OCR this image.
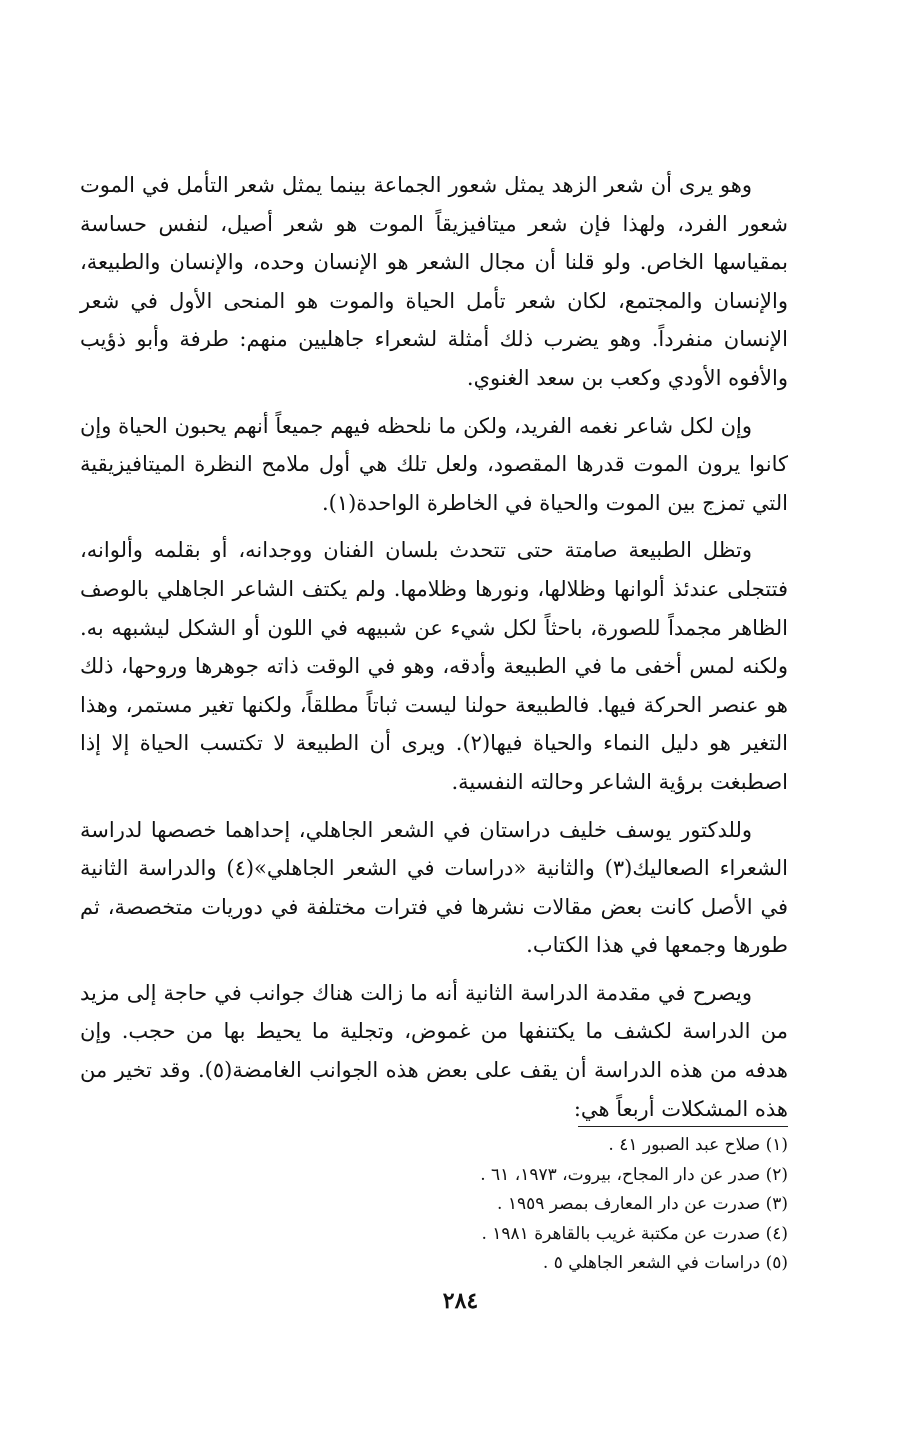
وهو يرى أن شعر الزهد يمثل شعور الجماعة بينما يمثل شعر التأمل في الموت شعور الفرد، ولهذا فإن شعر ميتافيزيقاً الموت هو شعر أصيل، لنفس حساسة بمقياسها الخاص. ولو قلنا أن مجال الشعر هو الإنسان وحده، والإنسان والطبيعة، والإنسان والمجتمع، لكان شعر تأمل الحياة والموت هو المنحى الأول في شعر الإنسان منفرداً. وهو يضرب ذلك أمثلة لشعراء جاهليين منهم: طرفة وأبو ذؤيب والأفوه الأودي وكعب بن سعد الغنوي.

وإن لكل شاعر نغمه الفريد، ولكن ما نلحظه فيهم جميعاً أنهم يحبون الحياة وإن كانوا يرون الموت قدرها المقصود، ولعل تلك هي أول ملامح النظرة الميتافيزيقية التي تمزج بين الموت والحياة في الخاطرة الواحدة(١).

وتظل الطبيعة صامتة حتى تتحدث بلسان الفنان ووجدانه، أو بقلمه وألوانه، فتتجلى عندئذ ألوانها وظلالها، ونورها وظلامها. ولم يكتف الشاعر الجاهلي بالوصف الظاهر مجمداً للصورة، باحثاً لكل شيء عن شبيهه في اللون أو الشكل ليشبهه به. ولكنه لمس أخفى ما في الطبيعة وأدقه، وهو في الوقت ذاته جوهرها وروحها، ذلك هو عنصر الحركة فيها. فالطبيعة حولنا ليست ثباتاً مطلقاً، ولكنها تغير مستمر، وهذا التغير هو دليل النماء والحياة فيها(٢). ويرى أن الطبيعة لا تكتسب الحياة إلا إذا اصطبغت برؤية الشاعر وحالته النفسية.

وللدكتور يوسف خليف دراستان في الشعر الجاهلي، إحداهما خصصها لدراسة الشعراء الصعاليك(٣) والثانية «دراسات في الشعر الجاهلي»(٤) والدراسة الثانية في الأصل كانت بعض مقالات نشرها في فترات مختلفة في دوريات متخصصة، ثم طورها وجمعها في هذا الكتاب.

ويصرح في مقدمة الدراسة الثانية أنه ما زالت هناك جوانب في حاجة إلى مزيد من الدراسة لكشف ما يكتنفها من غموض، وتجلية ما يحيط بها من حجب. وإن هدفه من هذه الدراسة أن يقف على بعض هذه الجوانب الغامضة(٥). وقد تخير من هذه المشكلات أربعاً هي:

(١) صلاح عبد الصبور ٤١ .
(٢) صدر عن دار المجاح، بيروت، ١٩٧٣، ٦١ .
(٣) صدرت عن دار المعارف بمصر ١٩٥٩ .
(٤) صدرت عن مكتبة غريب بالقاهرة ١٩٨١ .
(٥) دراسات في الشعر الجاهلي ٥ .
٢٨٤
